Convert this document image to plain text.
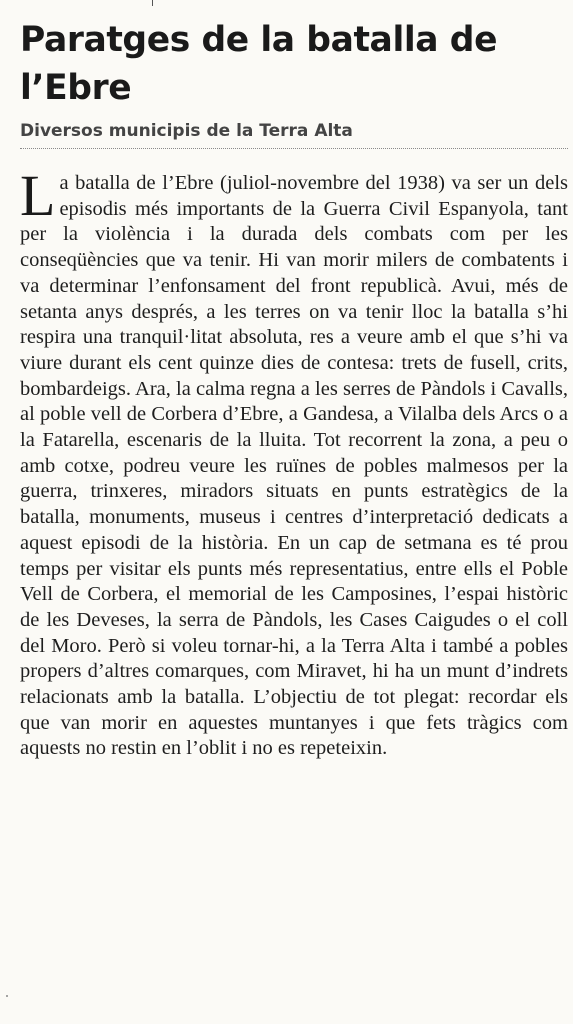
Paratges de la batalla de l’Ebre
Diversos municipis de la Terra Alta
La batalla de l’Ebre (juliol-novembre del 1938) va ser un dels episodis més importants de la Guerra Civil Espanyola, tant per la violència i la durada dels combats com per les conseqüències que va tenir. Hi van morir milers de combatents i va determinar l’enfonsament del front republicà. Avui, més de setanta anys després, a les terres on va tenir lloc la batalla s’hi respira una tranquil·litat absoluta, res a veure amb el que s’hi va viure durant els cent quinze dies de contesa: trets de fusell, crits, bombardeigs. Ara, la calma regna a les serres de Pàndols i Cavalls, al poble vell de Corbera d’Ebre, a Gandesa, a Vilalba dels Arcs o a la Fatarella, escenaris de la lluita. Tot recorrent la zona, a peu o amb cotxe, podreu veure les ruïnes de pobles malmesos per la guerra, trinxeres, miradors situats en punts estratègics de la batalla, monuments, museus i centres d’interpretació dedicats a aquest episodi de la història. En un cap de setmana es té prou temps per visitar els punts més representatius, entre ells el Poble Vell de Corbera, el memorial de les Camposines, l’espai històric de les Deveses, la serra de Pàndols, les Cases Caigudes o el coll del Moro. Però si voleu tornar-hi, a la Terra Alta i també a pobles propers d’altres comarques, com Miravet, hi ha un munt d’indrets relacionats amb la batalla. L’objectiu de tot plegat: recordar els que van morir en aquestes muntanyes i que fets tràgics com aquests no restin en l’oblit i no es repeteixin.
